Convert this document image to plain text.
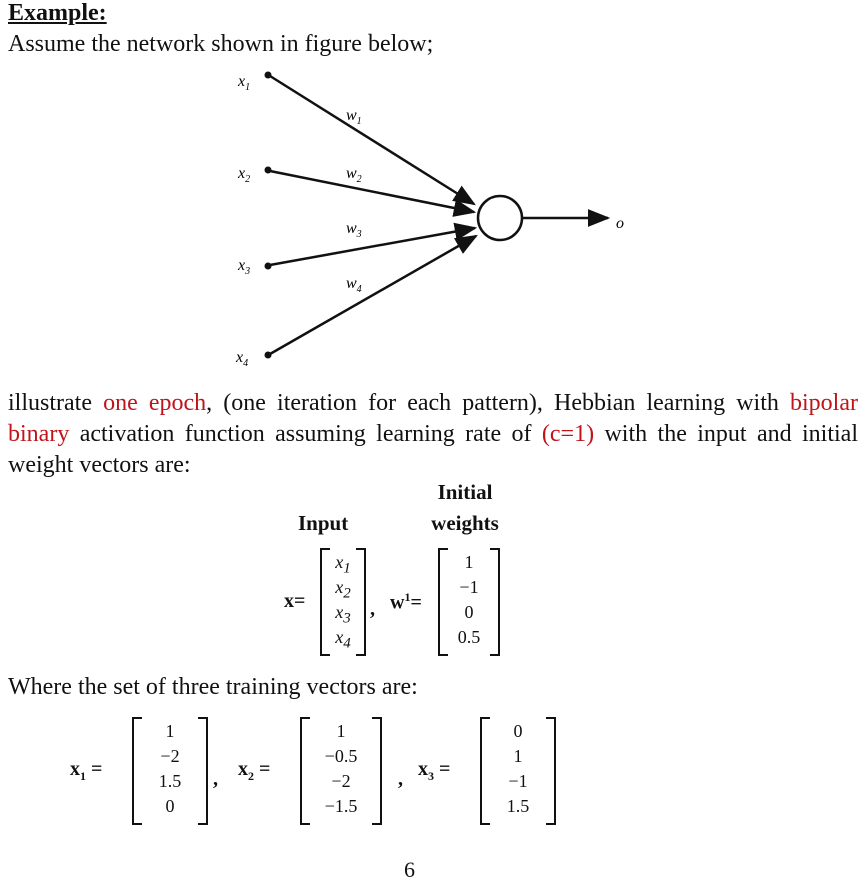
Example:
Assume the network shown in figure below;
$x_1$
$x_2$
$x_3$
$x_4$
$w_1$
$w_2$
$w_3$
$w_4$
o
illustrate one epoch, (one iteration for each pattern), Hebbian learning with bipolar binary activation function assuming learning rate of (c=1) with the input and initial weight vectors are:
Input
Initial
weights
x=
$x_1$
$x_2$
$x_3$
$x_4$
, $w^1=$
1
−1
0
0.5
Where the set of three training vectors are:
$x_1$ =
1
−2
1.5
0
, $x_2$ =
1
−0.5
−2
−1.5
, $x_3$ =
0
1
−1
1.5
6
